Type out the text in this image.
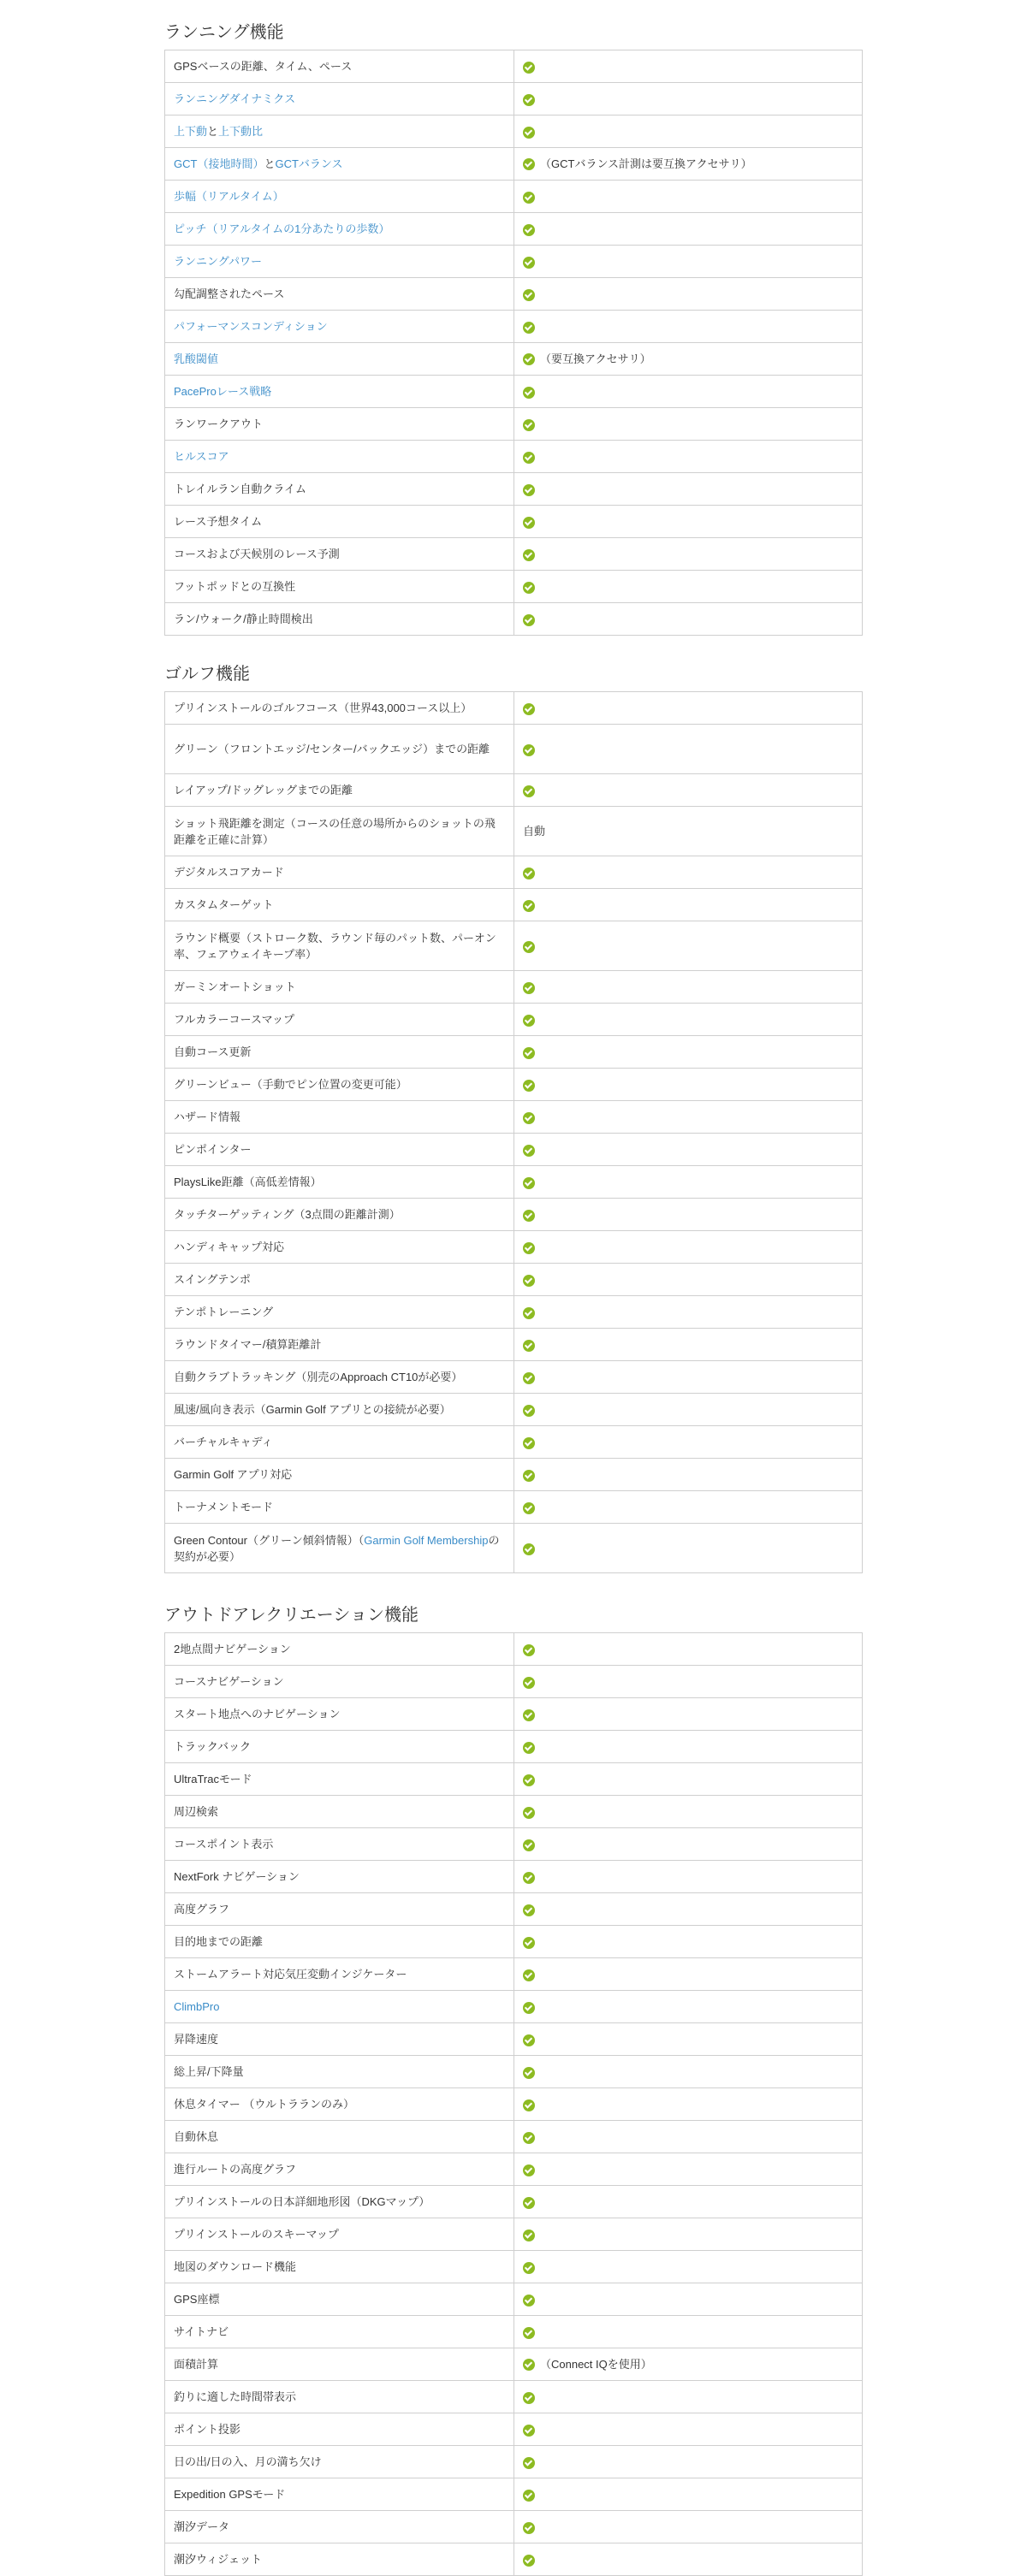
ランニング機能
GPSベースの距離、タイム、ペース	
ランニングダイナミクス	
上下動と上下動比	
GCT（接地時間）とGCTバランス	（GCTバランス計測は要互換アクセサリ）
歩幅（リアルタイム）	
ピッチ（リアルタイムの1分あたりの歩数）	
ランニングパワー	
勾配調整されたペース	
パフォーマンスコンディション	
乳酸閾値	（要互換アクセサリ）
PaceProレース戦略	
ランワークアウト	
ヒルスコア	
トレイルラン自動クライム	
レース予想タイム	
コースおよび天候別のレース予測	
フットポッドとの互換性	
ラン/ウォーク/静止時間検出	
ゴルフ機能
プリインストールのゴルフコース（世界43,000コース以上）	
グリーン（フロントエッジ/センター/バックエッジ）までの距離	
レイアップ/ドッグレッグまでの距離	
ショット飛距離を測定（コースの任意の場所からのショットの飛距離を正確に計算）	自動
デジタルスコアカード	
カスタムターゲット	
ラウンド概要（ストローク数、ラウンド毎のパット数、パーオン率、フェアウェイキープ率）	
ガーミンオートショット	
フルカラーコースマップ	
自動コース更新	
グリーンビュー（手動でピン位置の変更可能）	
ハザード情報	
ピンポインター	
PlaysLike距離（高低差情報）	
タッチターゲッティング（3点間の距離計測）	
ハンディキャップ対応	
スイングテンポ	
テンポトレーニング	
ラウンドタイマー/積算距離計	
自動クラブトラッキング（別売のApproach CT10が必要）	
風速/風向き表示（Garmin Golf アプリとの接続が必要）	
バーチャルキャディ	
Garmin Golf アプリ対応	
トーナメントモード	
Green Contour（グリーン傾斜情報）（Garmin Golf Membershipの契約が必要）	
アウトドアレクリエーション機能
2地点間ナビゲーション	
コースナビゲーション	
スタート地点へのナビゲーション	
トラックバック	
UltraTracモード	
周辺検索	
コースポイント表示	
NextFork ナビゲーション	
高度グラフ	
目的地までの距離	
ストームアラート対応気圧変動インジケーター	
ClimbPro	
昇降速度	
総上昇/下降量	
休息タイマー （ウルトラランのみ）	
自動休息	
進行ルートの高度グラフ	
プリインストールの日本詳細地形図（DKGマップ）	
プリインストールのスキーマップ	
地図のダウンロード機能	
GPS座標	
サイトナビ	
面積計算	（Connect IQを使用）
釣りに適した時間帯表示	
ポイント投影	
日の出/日の入、月の満ち欠け	
Expedition GPSモード	
潮汐データ	
潮汐ウィジェット	
